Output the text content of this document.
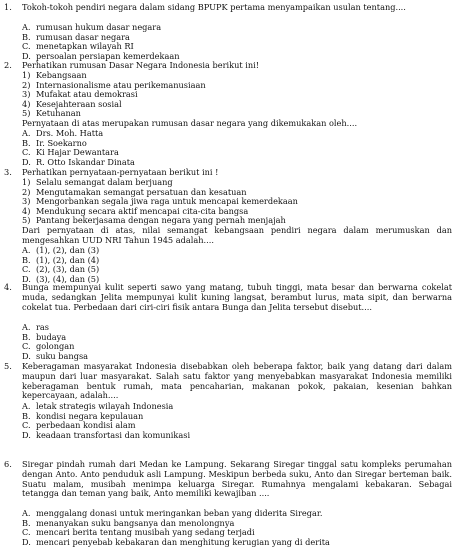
1. Tokoh-tokoh pendiri negara dalam sidang BPUPK pertama menyampaikan usulan tentang....
A. rumusan hukum dasar negara
B. rumusan dasar negara
C. menetapkan wilayah RI
D. persoalan persiapan kemerdekaan
2. Perhatikan rumusan Dasar Negara Indonesia berikut ini!
1) Kebangsaan
2) Internasionalisme atau perikemanusiaan
3) Mufakat atau demokrasi
4) Kesejahteraan sosial
5) Ketuhanan
Pernyataan di atas merupakan rumusan dasar negara yang dikemukakan oleh....
A. Drs. Moh. Hatta
B. Ir. Soekarno
C. Ki Hajar Dewantara
D. R. Otto Iskandar Dinata
3. Perhatikan pernyataan-pernyataan berikut ini !
1) Selalu semangat dalam berjuang
2) Mengutamakan semangat persatuan dan kesatuan
3) Mengorbankan segala jiwa raga untuk mencapai kemerdekaan
4) Mendukung secara aktif mencapai cita-cita bangsa
5) Pantang bekerjasama dengan negara yang pernah menjajah
Dari pernyataan di atas, nilai semangat kebangsaan pendiri negara dalam merumuskan dan mengesahkan UUD NRI Tahun 1945 adalah....
A. (1), (2), dan (3)
B. (1), (2), dan (4)
C. (2), (3), dan (5)
D. (3), (4), dan (5)
4. Bunga mempunyai kulit seperti sawo yang matang, tubuh tinggi, mata besar dan berwarna cokelat muda, sedangkan Jelita mempunyai kulit kuning langsat, berambut lurus, mata sipit, dan berwarna cokelat tua. Perbedaan dari ciri-ciri fisik antara Bunga dan Jelita tersebut disebut....
A. ras
B. budaya
C. golongan
D. suku bangsa
5. Keberagaman masyarakat Indonesia disebabkan oleh beberapa faktor, baik yang datang dari dalam maupun dari luar masyarakat. Salah satu faktor yang menyebabkan masyarakat Indonesia memiliki keberagaman bentuk rumah, mata pencaharian, makanan pokok, pakaian, kesenian bahkan kepercayaan, adalah....
A. letak strategis wilayah Indonesia
B. kondisi negara kepulauan
C. perbedaan kondisi alam
D. keadaan transfortasi dan komunikasi
6. Siregar pindah rumah dari Medan ke Lampung. Sekarang Siregar tinggal satu kompleks perumahan dengan Anto. Anto penduduk asli Lampung. Meskipun berbeda suku, Anto dan Siregar berteman baik. Suatu malam, musibah menimpa keluarga Siregar. Rumahnya mengalami kebakaran. Sebagai tetangga dan teman yang baik, Anto memiliki kewajiban ....
A. menggalang donasi untuk meringankan beban yang diderita Siregar.
B. menanyakan suku bangsanya dan menolongnya
C. mencari berita tentang musibah yang sedang terjadi
D. mencari penyebab kebakaran dan menghitung kerugian yang di derita
